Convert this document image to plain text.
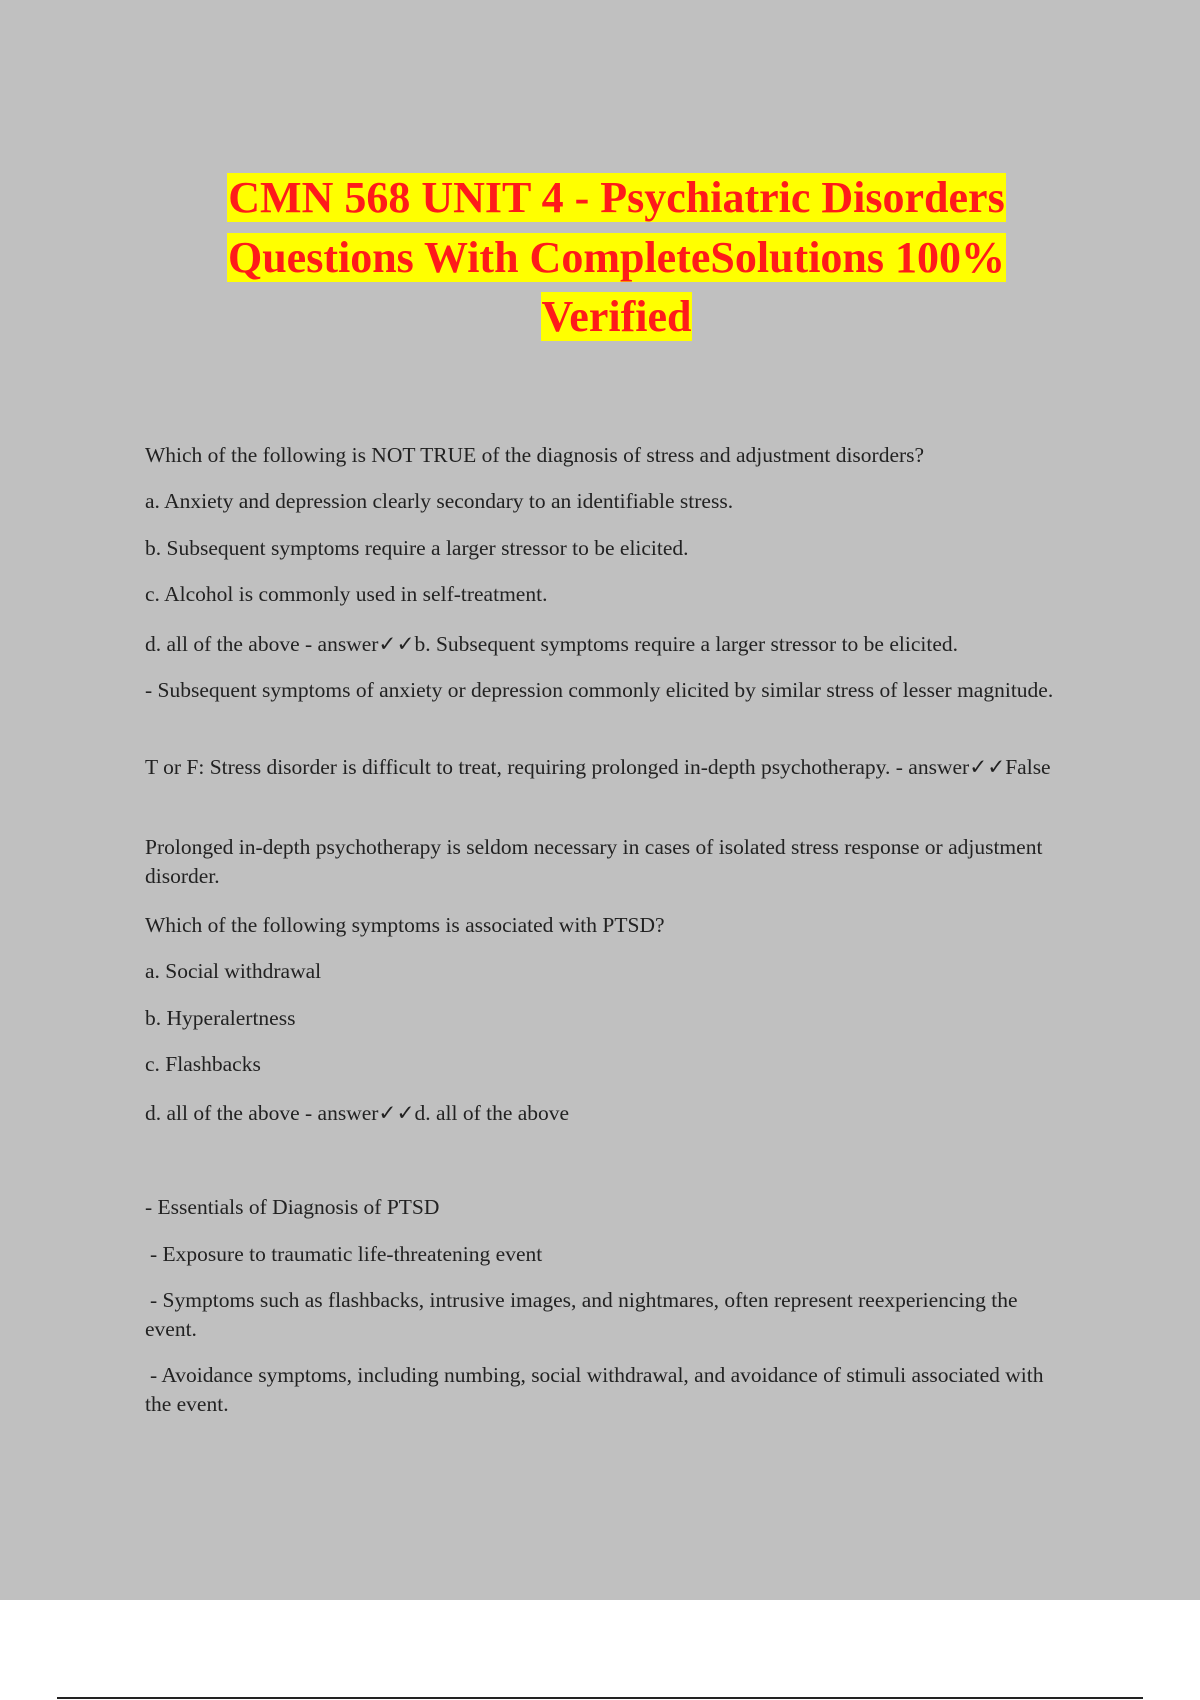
CMN 568 UNIT 4 - Psychiatric Disorders
Questions With CompleteSolutions 100%
Verified

Which of the following is NOT TRUE of the diagnosis of stress and adjustment disorders?

a. Anxiety and depression clearly secondary to an identifiable stress.

b. Subsequent symptoms require a larger stressor to be elicited.

c. Alcohol is commonly used in self-treatment.

d. all of the above - answer✓✓b. Subsequent symptoms require a larger stressor to be elicited.

- Subsequent symptoms of anxiety or depression commonly elicited by similar stress of lesser magnitude.

T or F: Stress disorder is difficult to treat, requiring prolonged in-depth psychotherapy. - answer✓✓False

Prolonged in-depth psychotherapy is seldom necessary in cases of isolated stress response or adjustment disorder.

Which of the following symptoms is associated with PTSD?

a. Social withdrawal

b. Hyperalertness

c. Flashbacks

d. all of the above - answer✓✓d. all of the above

- Essentials of Diagnosis of PTSD

- Exposure to traumatic life-threatening event

- Symptoms such as flashbacks, intrusive images, and nightmares, often represent reexperiencing the event.

- Avoidance symptoms, including numbing, social withdrawal, and avoidance of stimuli associated with the event.
